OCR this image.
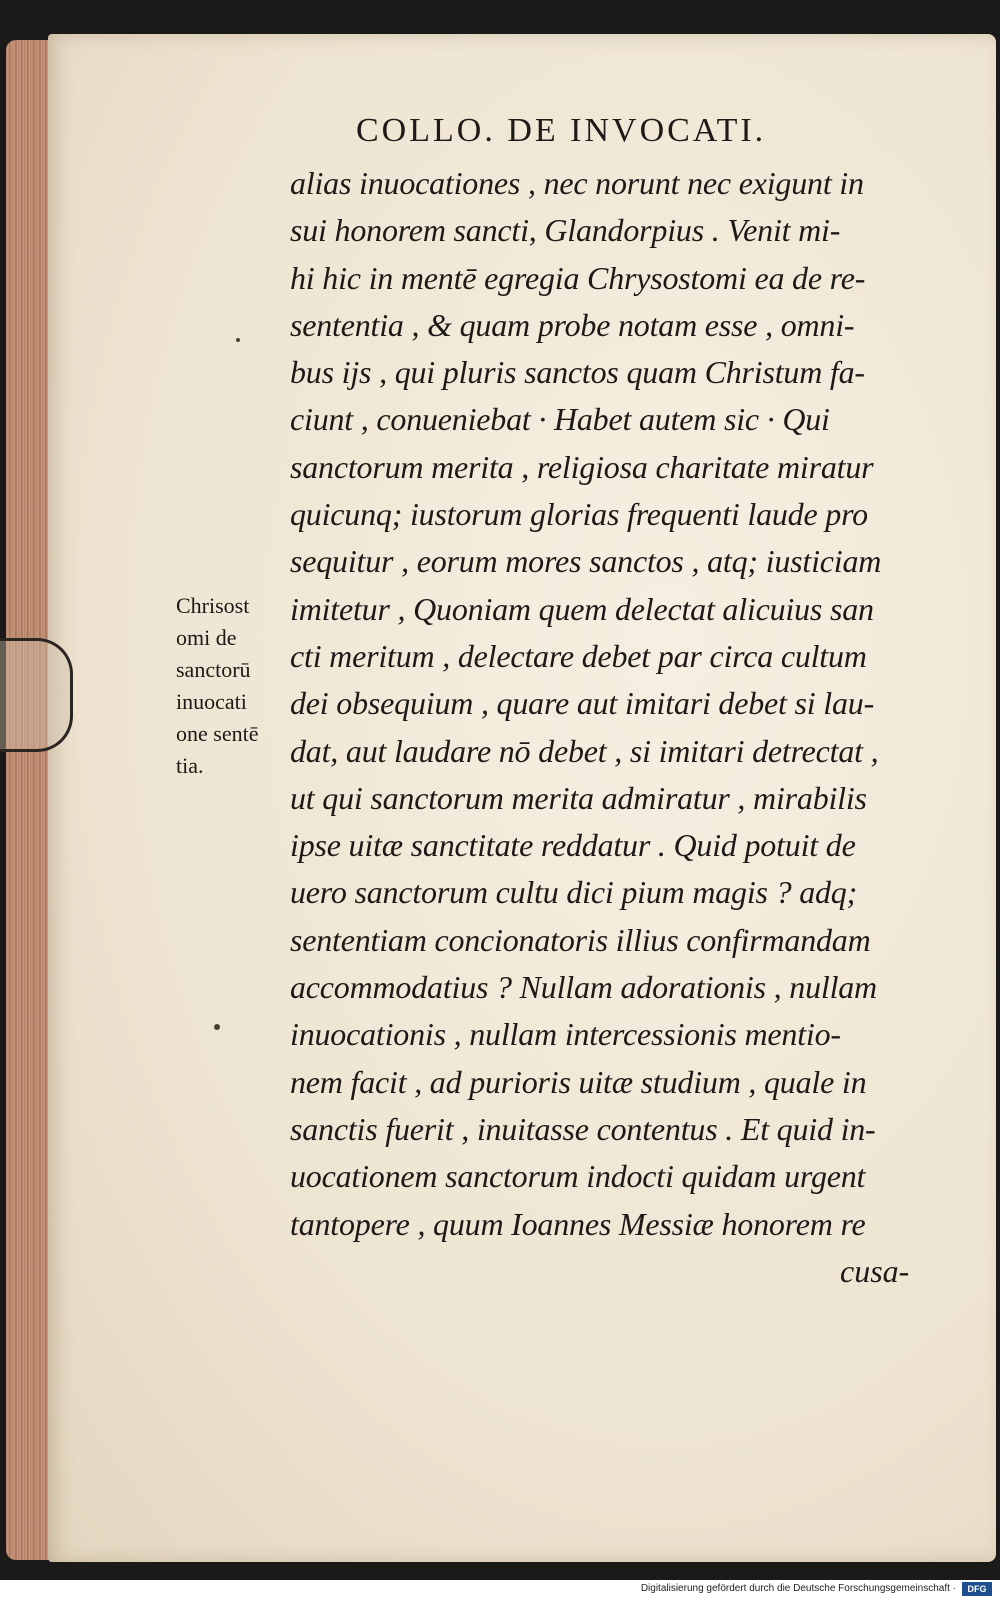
COLLO. DE INVOCATI.
alias inuocationes , nec norunt nec exigunt in
sui honorem sancti, Glandorpius . Venit mi-
hi hic in mentē egregia Chrysostomi ea de re-
sententia , & quam probe notam esse , omni-
bus ijs , qui pluris sanctos quam Christum fa-
ciunt , conueniebat · Habet autem sic · Qui
sanctorum merita , religiosa charitate miratur
quicunq; iustorum glorias frequenti laude pro
sequitur , eorum mores sanctos , atq; iusticiam
imitetur , Quoniam quem delectat alicuius san
cti meritum , delectare debet par circa cultum
dei obsequium , quare aut imitari debet si lau-
dat, aut laudare nō debet , si imitari detrectat ,
ut qui sanctorum merita admiratur , mirabilis
ipse uitæ sanctitate reddatur . Quid potuit de
uero sanctorum cultu dici pium magis ? adq;
sententiam concionatoris illius confirmandam
accommodatius ? Nullam adorationis , nullam
inuocationis , nullam intercessionis mentio-
nem facit , ad purioris uitæ studium , quale in
sanctis fuerit , inuitasse contentus . Et quid in-
uocationem sanctorum indocti quidam urgent
tantopere , quum Ioannes Messiæ honorem re
cusa-
Chrisost
omi de
sanctorū
inuocati
one sentē
tia.
Digitalisierung gefördert durch die Deutsche Forschungsgemeinschaft ·	DFG
